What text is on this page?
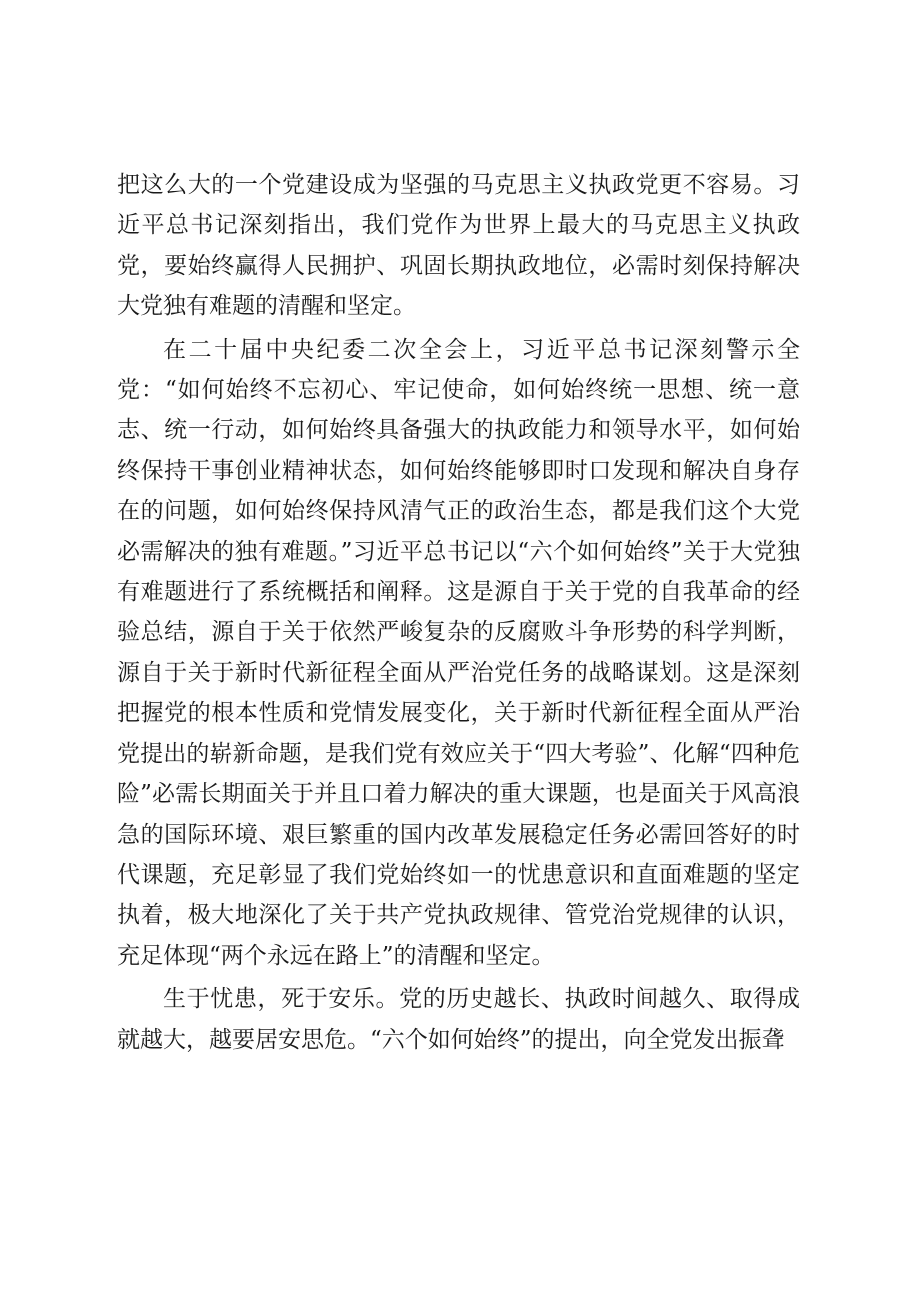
把这么大的一个党建设成为坚强的马克思主义执政党更不容易。习近平总书记深刻指出，我们党作为世界上最大的马克思主义执政党，要始终赢得人民拥护、巩固长期执政地位，必需时刻保持解决大党独有难题的清醒和坚定。

在二十届中央纪委二次全会上，习近平总书记深刻警示全党：“如何始终不忘初心、牢记使命，如何始终统一思想、统一意志、统一行动，如何始终具备强大的执政能力和领导水平，如何始终保持干事创业精神状态，如何始终能够即时口发现和解决自身存在的问题，如何始终保持风清气正的政治生态，都是我们这个大党必需解决的独有难题。”习近平总书记以“六个如何始终”关于大党独有难题进行了系统概括和阐释。这是源自于关于党的自我革命的经验总结，源自于关于依然严峻复杂的反腐败斗争形势的科学判断，源自于关于新时代新征程全面从严治党任务的战略谋划。这是深刻把握党的根本性质和党情发展变化，关于新时代新征程全面从严治党提出的崭新命题，是我们党有效应关于“四大考验”、化解“四种危险”必需长期面关于并且口着力解决的重大课题，也是面关于风高浪急的国际环境、艰巨繁重的国内改革发展稳定任务必需回答好的时代课题，充足彰显了我们党始终如一的忧患意识和直面难题的坚定执着，极大地深化了关于共产党执政规律、管党治党规律的认识，充足体现“两个永远在路上”的清醒和坚定。

生于忧患，死于安乐。党的历史越长、执政时间越久、取得成就越大，越要居安思危。“六个如何始终”的提出，向全党发出振聋
